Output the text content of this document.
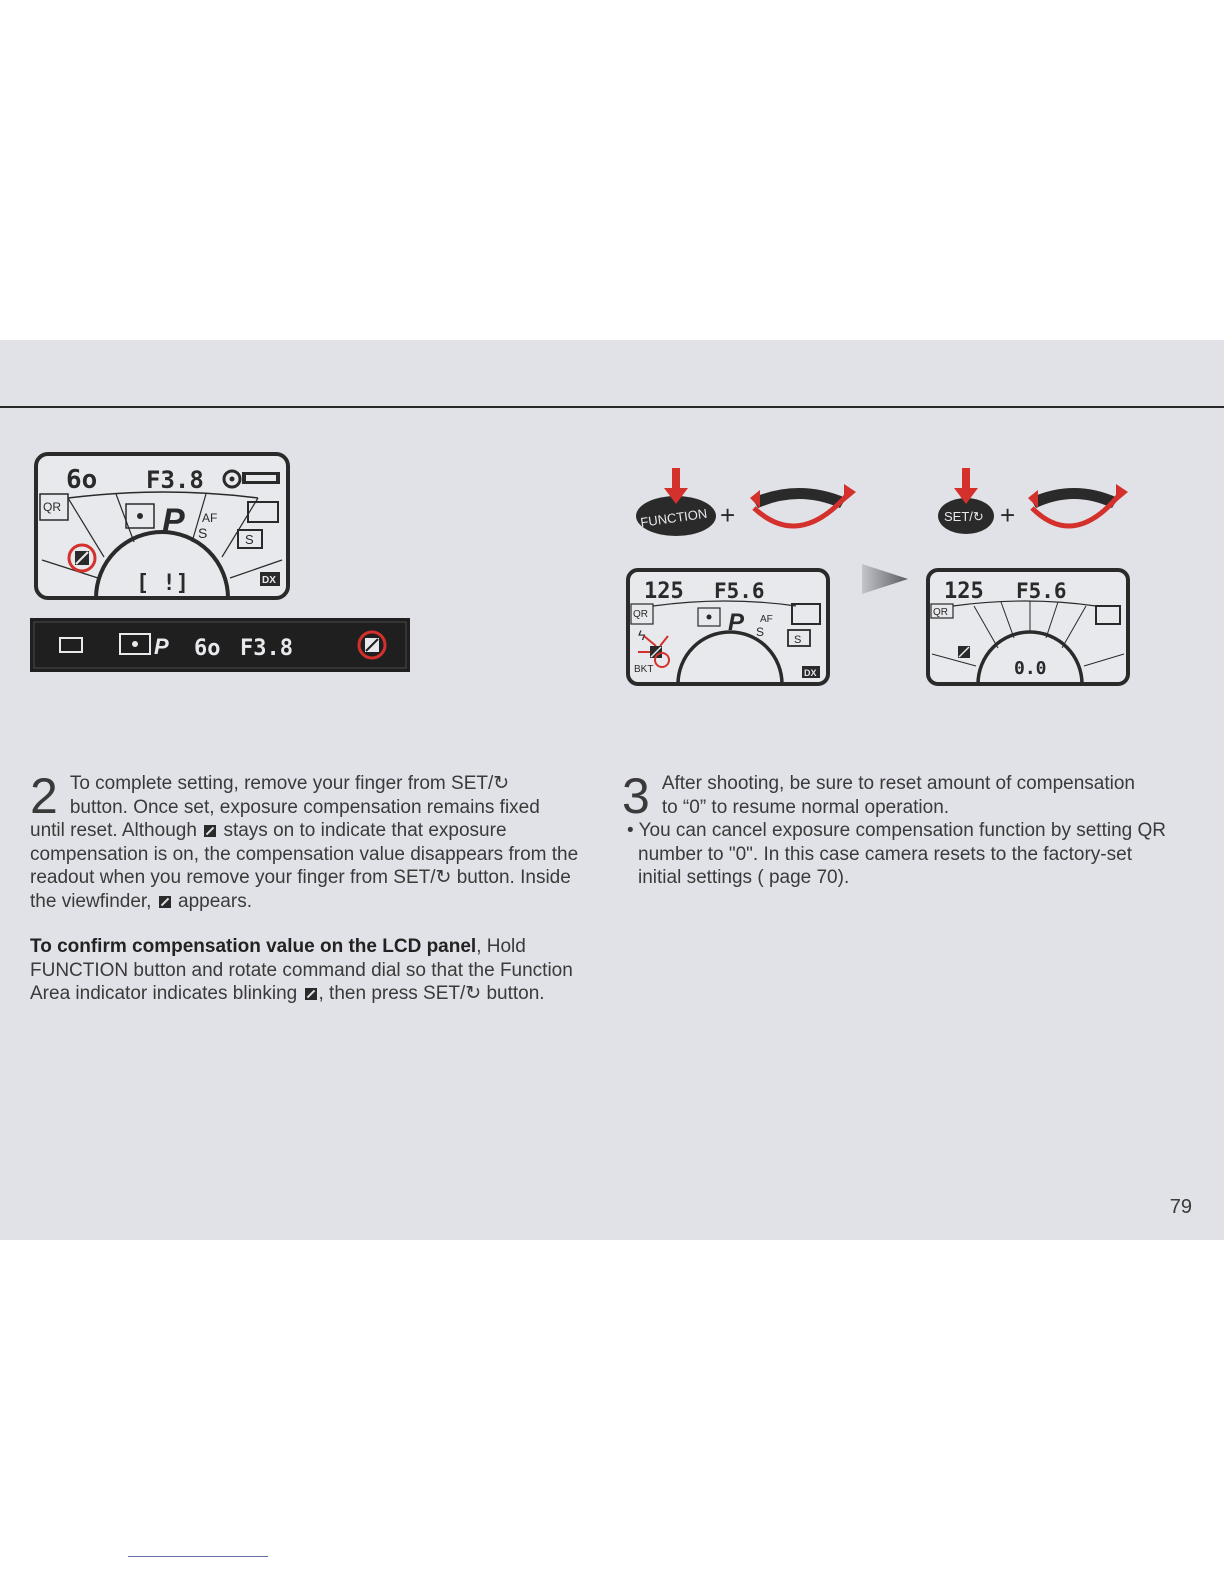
6o F3.8
QR	P AF
S	S
[ !]	DX
P 6o F3.8
FUNCTION +	SET/↻ +
125 F5.6
QR
ϟ	P AF
S
S
BKT	DX
125 F5.6
QR
0.0
2 To complete setting, remove your finger from SET/↻

button. Once set, exposure compensation remains fixed

until reset. Although stays on to indicate that exposure compensation is on, the compensation value disappears from the readout when you remove your finger from SET/↻ button. Inside the viewfinder, appears.

To confirm compensation value on the LCD panel, Hold FUNCTION button and rotate command dial so that the Function Area indicator indicates blinking , then press SET/↻ button.

3 After shooting, be sure to reset amount of compensation

to “0” to resume normal operation.

• You can cancel exposure compensation function by setting QR number to "0". In this case camera resets to the factory-set initial settings ( page 70).

79
